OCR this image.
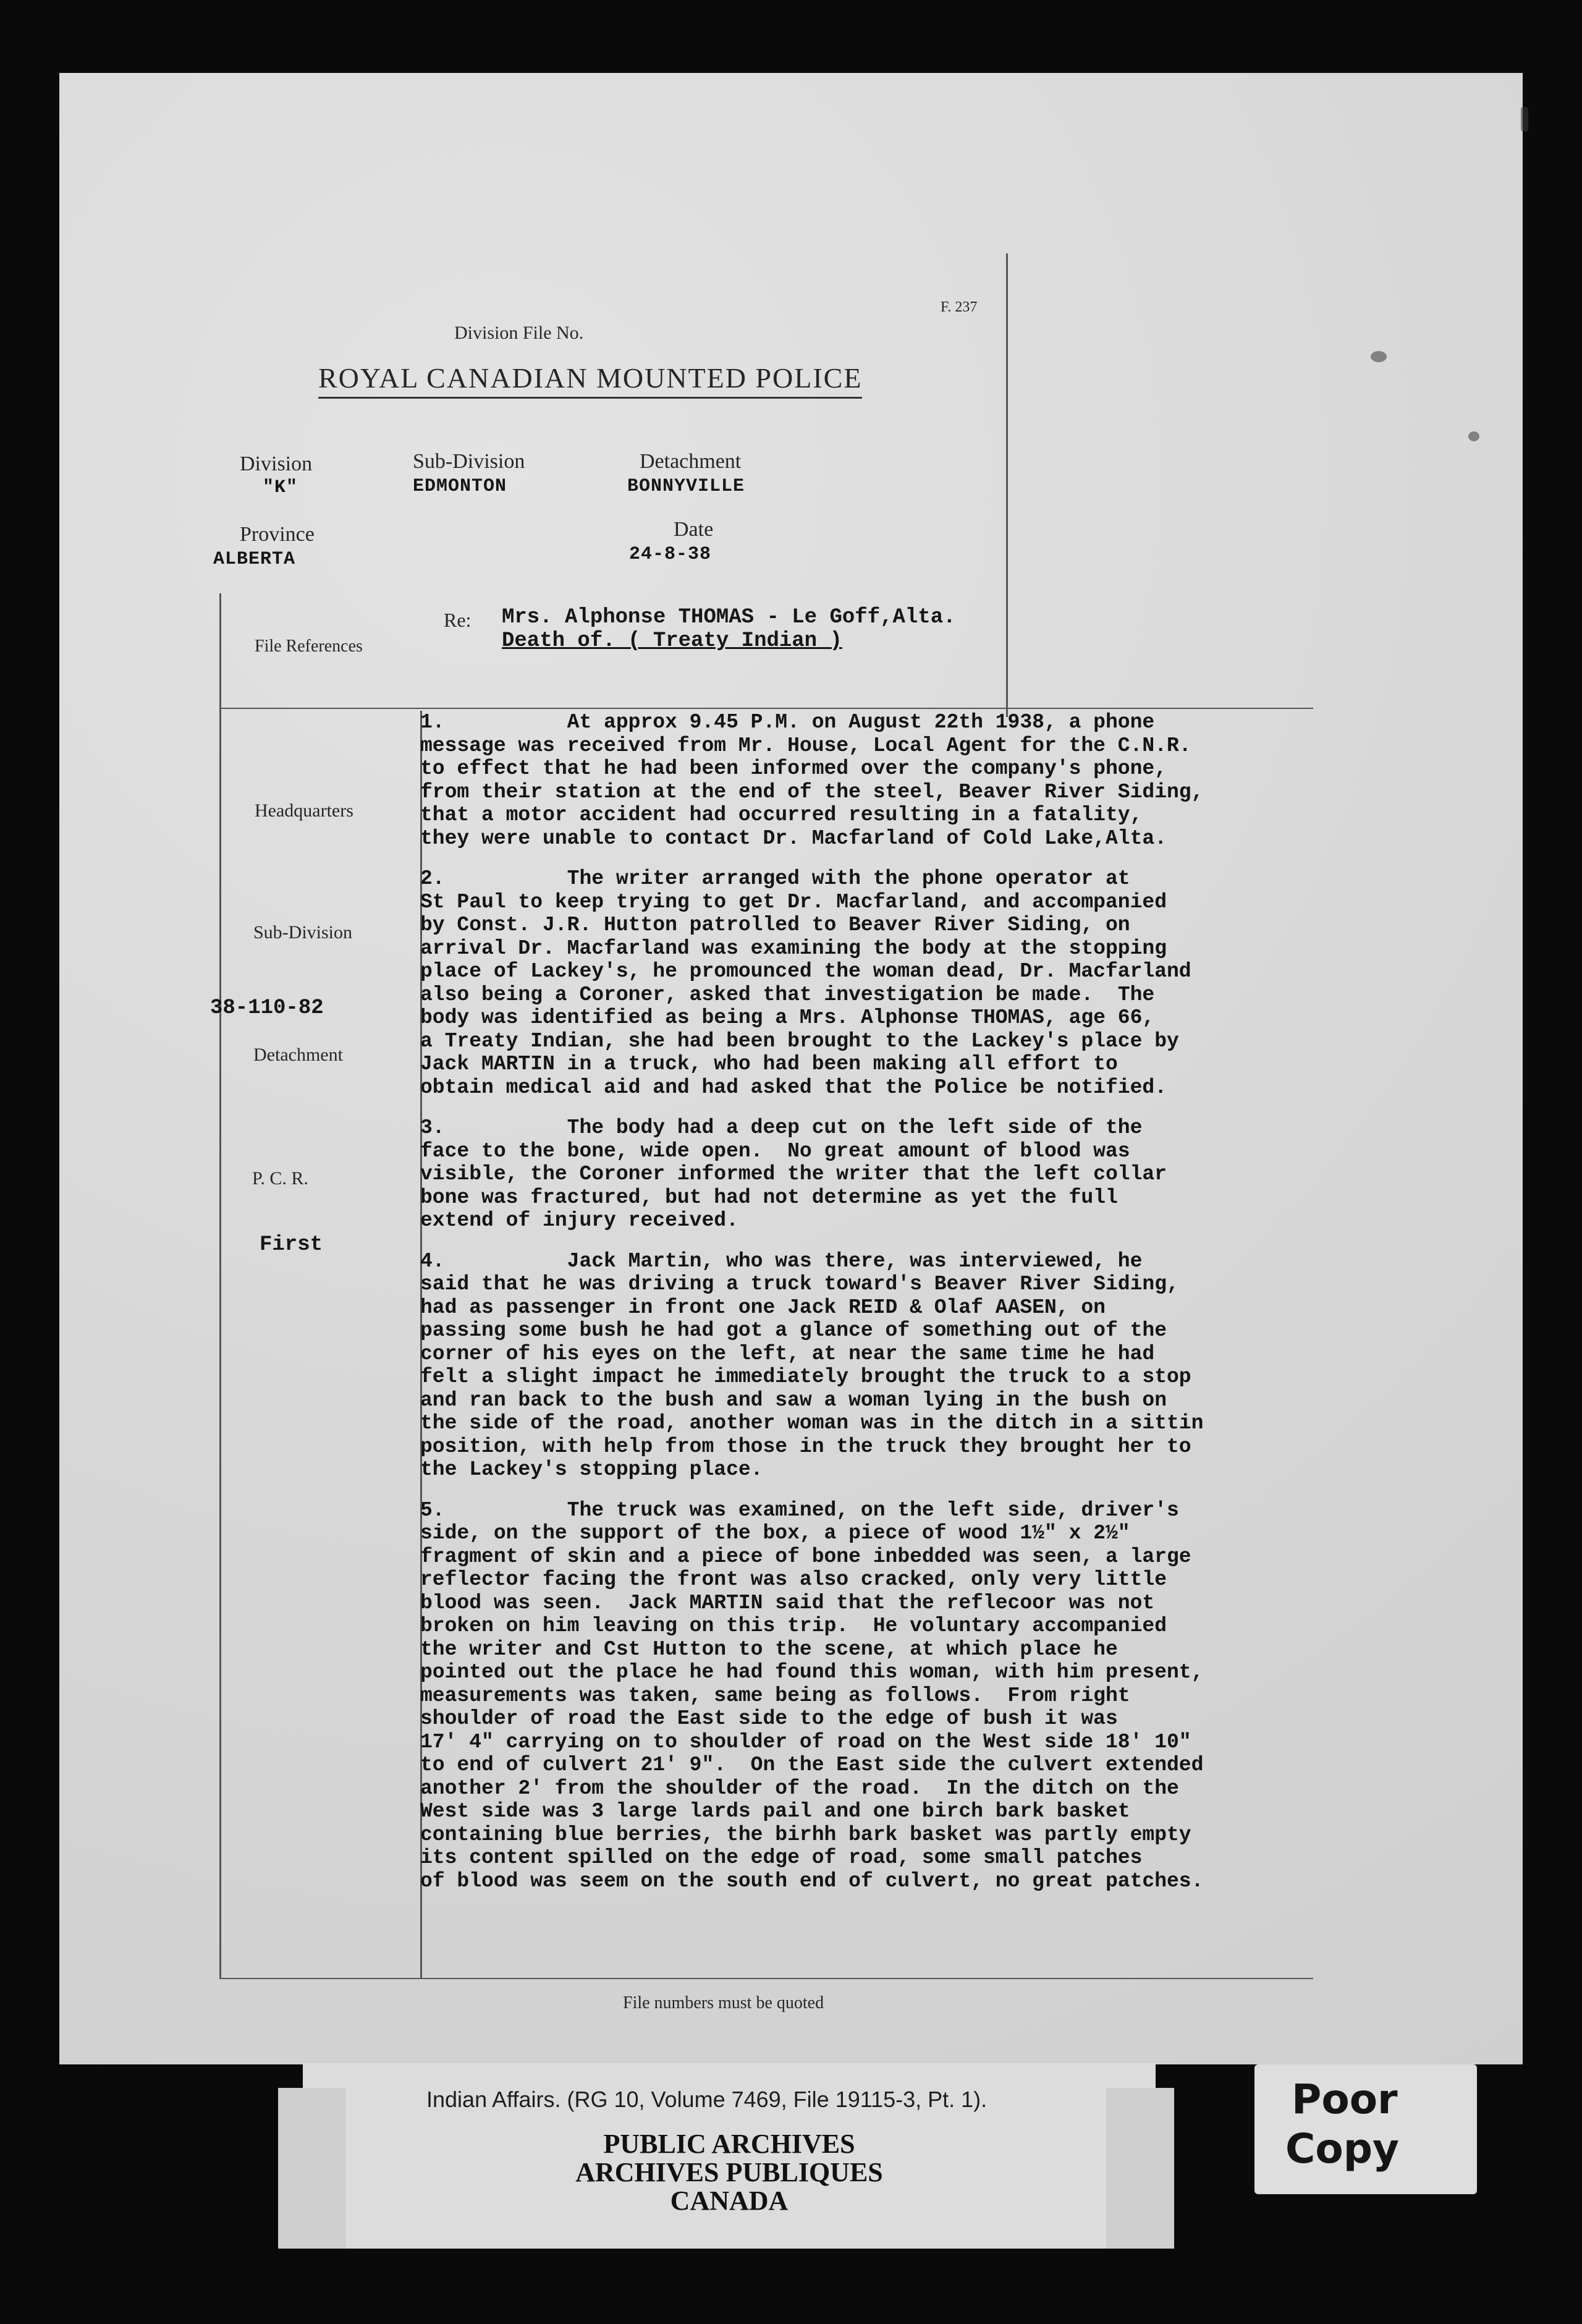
F. 237
Division File No.
ROYAL CANADIAN MOUNTED POLICE
Division
"K"
Sub-Division
EDMONTON
Detachment
BONNYVILLE
Province
ALBERTA
Date
24-8-38
Re: Mrs. Alphonse THOMAS - Le Goff,Alta.
Death of. ( Treaty Indian )
File References
Headquarters
Sub-Division
38-110-82
Detachment
P. C. R.
First
1.          At approx 9.45 P.M. on August 22th 1938, a phone
message was received from Mr. House, Local Agent for the C.N.R.
to effect that he had been informed over the company's phone,
from their station at the end of the steel, Beaver River Siding,
that a motor accident had occurred resulting in a fatality,
they were unable to contact Dr. Macfarland of Cold Lake,Alta.
2.          The writer arranged with the phone operator at
St Paul to keep trying to get Dr. Macfarland, and accompanied
by Const. J.R. Hutton patrolled to Beaver River Siding, on
arrival Dr. Macfarland was examining the body at the stopping
place of Lackey's, he promounced the woman dead, Dr. Macfarland
also being a Coroner, asked that investigation be made.  The
body was identified as being a Mrs. Alphonse THOMAS, age 66,
a Treaty Indian, she had been brought to the Lackey's place by
Jack MARTIN in a truck, who had been making all effort to
obtain medical aid and had asked that the Police be notified.
3.          The body had a deep cut on the left side of the
face to the bone, wide open.  No great amount of blood was
visible, the Coroner informed the writer that the left collar
bone was fractured, but had not determine as yet the full
extend of injury received.
4.          Jack Martin, who was there, was interviewed, he
said that he was driving a truck toward's Beaver River Siding,
had as passenger in front one Jack REID & Olaf AASEN, on
passing some bush he had got a glance of something out of the
corner of his eyes on the left, at near the same time he had
felt a slight impact he immediately brought the truck to a stop
and ran back to the bush and saw a woman lying in the bush on
the side of the road, another woman was in the ditch in a sittin
position, with help from those in the truck they brought her to
the Lackey's stopping place.
5.          The truck was examined, on the left side, driver's
side, on the support of the box, a piece of wood 1½" x 2½"
fragment of skin and a piece of bone inbedded was seen, a large
reflector facing the front was also cracked, only very little
blood was seen.  Jack MARTIN said that the reflecoor was not
broken on him leaving on this trip.  He voluntary accompanied
the writer and Cst Hutton to the scene, at which place he
pointed out the place he had found this woman, with him present,
measurements was taken, same being as follows.  From right
shoulder of road the East side to the edge of bush it was
17' 4" carrying on to shoulder of road on the West side 18' 10"
to end of culvert 21' 9".  On the East side the culvert extended
another 2' from the shoulder of the road.  In the ditch on the
West side was 3 large lards pail and one birch bark basket
containing blue berries, the birhh bark basket was partly empty
its content spilled on the edge of road, some small patches
of blood was seem on the south end of culvert, no great patches.
File numbers must be quoted
Indian Affairs. (RG 10, Volume 7469, File 19115-3, Pt. 1).
PUBLIC ARCHIVES
ARCHIVES PUBLIQUES
CANADA
Poor
Copy
